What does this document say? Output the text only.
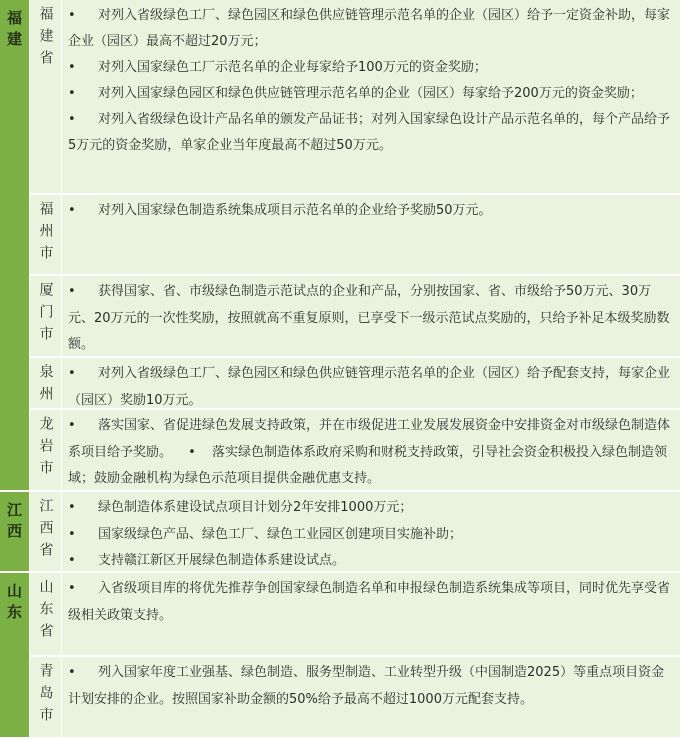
福建 福建省 • 对列入省级绿色工厂、绿色园区和绿色供应链管理示范名单的企业（园区）给予一定资金补助，每家企业（园区）最高不超过20万元；

• 对列入国家绿色工厂示范名单的企业每家给予100万元的资金奖励；

• 对列入国家绿色园区和绿色供应链管理示范名单的企业（园区）每家给予200万元的资金奖励；

• 对列入省级绿色设计产品名单的颁发产品证书；对列入国家绿色设计产品示范名单的，每个产品给予5万元的资金奖励，单家企业当年度最高不超过50万元。

福州市 • 对列入国家绿色制造系统集成项目示范名单的企业给予奖励50万元。

厦门市 • 获得国家、省、市级绿色制造示范试点的企业和产品，分别按国家、省、市级给予50万元、30万元、20万元的一次性奖励，按照就高不重复原则，已享受下一级示范试点奖励的，只给予补足本级奖励数额。

泉州 • 对列入省级绿色工厂、绿色园区和绿色供应链管理示范名单的企业（园区）给予配套支持，每家企业（园区）奖励10万元。

龙岩市 • 落实国家、省促进绿色发展支持政策，并在市级促进工业发展发展资金中安排资金对市级绿色制造体系项目给予奖励。 • 落实绿色制造体系政府采购和财税支持政策，引导社会资金积极投入绿色制造领域；鼓励金融机构为绿色示范项目提供金融优惠支持。

江西 江西省 • 绿色制造体系建设试点项目计划分2年安排1000万元；

• 国家级绿色产品、绿色工厂、绿色工业园区创建项目实施补助；

• 支持赣江新区开展绿色制造体系建设试点。

山东 山东省 • 入省级项目库的将优先推荐争创国家绿色制造名单和申报绿色制造系统集成等项目，同时优先享受省级相关政策支持。

青岛市 • 列入国家年度工业强基、绿色制造、服务型制造、工业转型升级（中国制造2025）等重点项目资金计划安排的企业。按照国家补助金额的50%给予最高不超过1000万元配套支持。
